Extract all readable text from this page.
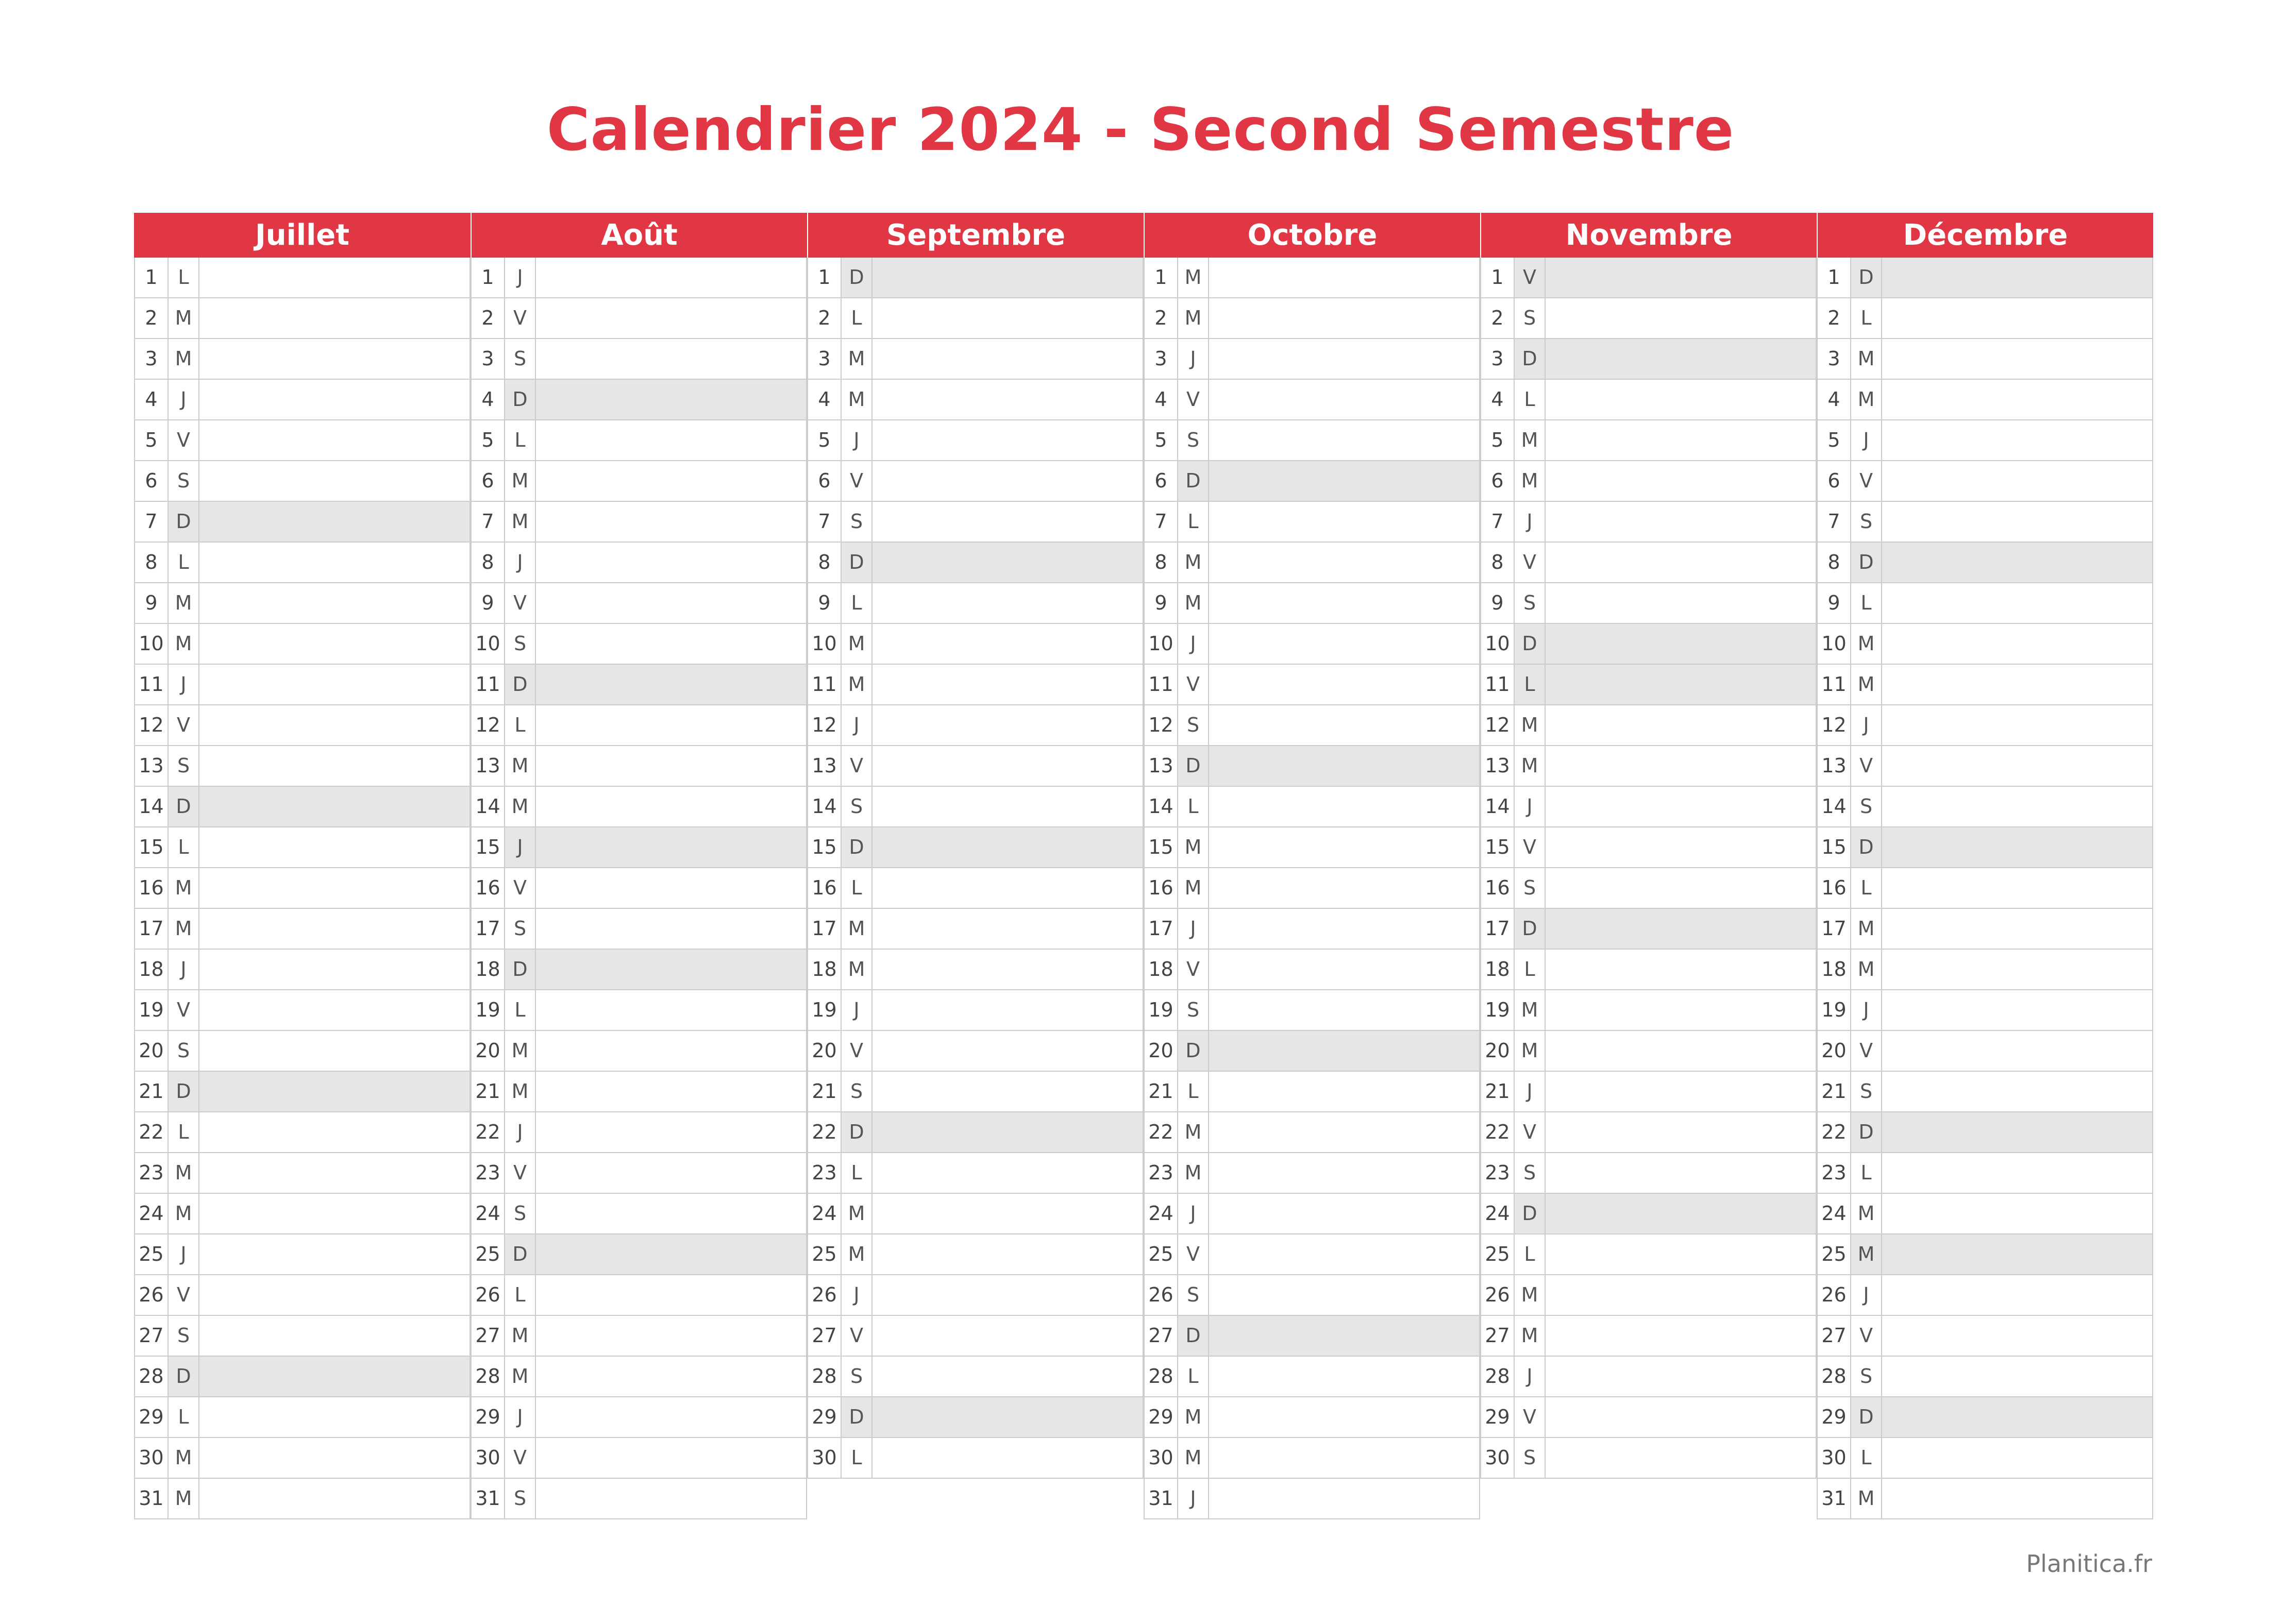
Calendrier 2024 - Second Semestre
Juillet
1	L
2 M
3 M
4	J
5 V
6	S
7 D
8	L
9 M
10 M
11 J
12 V
13 S
14 D
15 L
16 M
17 M
18 J
19 V
20 S
21 D
22 L
23 M
24 M
25 J
26 V
27 S
28 D
29 L
30 M
31 M
Août
1	J
2 V
3	S
4 D
5	L
6 M
7 M
8	J
9 V
10 S
11 D
12 L
13 M
14 M
15 J
16 V
17 S
18 D
19 L
20 M
21 M
22 J
23 V
24 S
25 D
26 L
27 M
28 M
29 J
30 V
31 S
Septembre
1 D
2	L
3 M
4 M
5	J
6 V
7	S
8 D
9	L
10 M
11 M
12 J
13 V
14 S
15 D
16 L
17 M
18 M
19 J
20 V
21 S
22 D
23 L
24 M
25 M
26 J
27 V
28 S
29 D
30 L
Octobre
1 M
2 M
3	J
4 V
5	S
6 D
7	L
8 M
9 M
10 J
11 V
12 S
13 D
14 L
15 M
16 M
17 J
18 V
19 S
20 D
21 L
22 M
23 M
24 J
25 V
26 S
27 D
28 L
29 M
30 M
31 J
Novembre
1 V
2	S
3 D
4	L
5 M
6 M
7	J
8 V
9	S
10 D
11 L
12 M
13 M
14 J
15 V
16 S
17 D
18 L
19 M
20 M
21 J
22 V
23 S
24 D
25 L
26 M
27 M
28 J
29 V
30 S
Décembre
1 D
2	L
3 M
4 M
5	J
6 V
7	S
8 D
9	L
10 M
11 M
12 J
13 V
14 S
15 D
16 L
17 M
18 M
19 J
20 V
21 S
22 D
23 L
24 M
25 M
26 J
27 V
28 S
29 D
30 L
31 M
Planitica.fr
